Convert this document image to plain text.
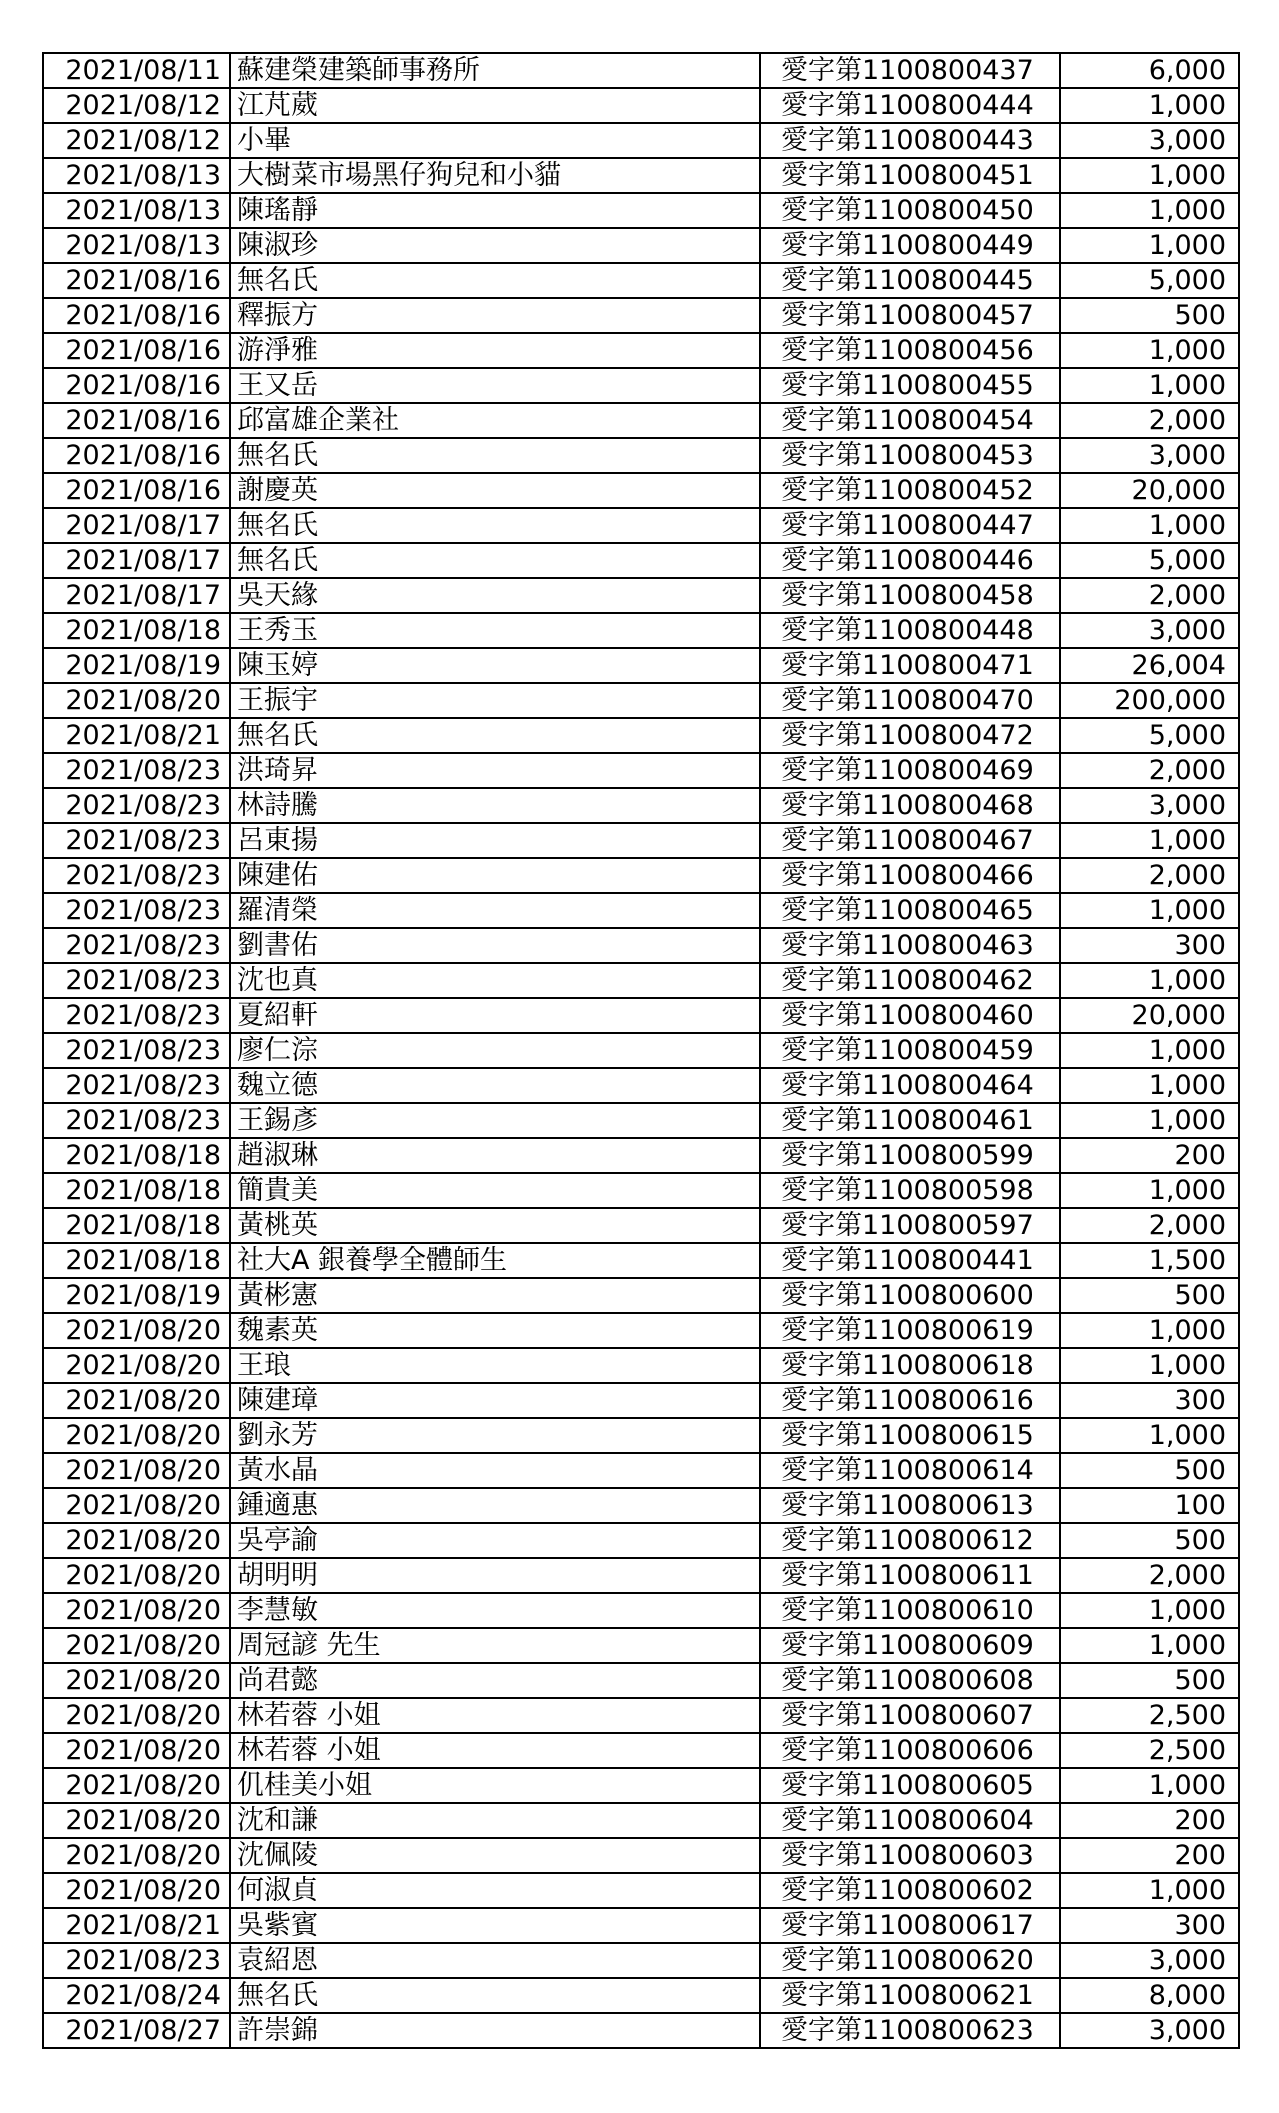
2021/08/11	蘇建榮建築師事務所	愛字第1100800437	6,000
2021/08/12	江芃葳	愛字第1100800444	1,000
2021/08/12	小畢	愛字第1100800443	3,000
2021/08/13	大樹菜市場黑仔狗兒和小貓	愛字第1100800451	1,000
2021/08/13	陳瑤靜	愛字第1100800450	1,000
2021/08/13	陳淑珍	愛字第1100800449	1,000
2021/08/16	無名氏	愛字第1100800445	5,000
2021/08/16	釋振方	愛字第1100800457	500
2021/08/16	游淨雅	愛字第1100800456	1,000
2021/08/16	王又岳	愛字第1100800455	1,000
2021/08/16	邱富雄企業社	愛字第1100800454	2,000
2021/08/16	無名氏	愛字第1100800453	3,000
2021/08/16	謝慶英	愛字第1100800452	20,000
2021/08/17	無名氏	愛字第1100800447	1,000
2021/08/17	無名氏	愛字第1100800446	5,000
2021/08/17	吳天緣	愛字第1100800458	2,000
2021/08/18	王秀玉	愛字第1100800448	3,000
2021/08/19	陳玉婷	愛字第1100800471	26,004
2021/08/20	王振宇	愛字第1100800470	200,000
2021/08/21	無名氏	愛字第1100800472	5,000
2021/08/23	洪琦昇	愛字第1100800469	2,000
2021/08/23	林詩騰	愛字第1100800468	3,000
2021/08/23	呂東揚	愛字第1100800467	1,000
2021/08/23	陳建佑	愛字第1100800466	2,000
2021/08/23	羅清榮	愛字第1100800465	1,000
2021/08/23	劉書佑	愛字第1100800463	300
2021/08/23	沈也真	愛字第1100800462	1,000
2021/08/23	夏紹軒	愛字第1100800460	20,000
2021/08/23	廖仁淙	愛字第1100800459	1,000
2021/08/23	魏立德	愛字第1100800464	1,000
2021/08/23	王錫彥	愛字第1100800461	1,000
2021/08/18	趙淑琳	愛字第1100800599	200
2021/08/18	簡貴美	愛字第1100800598	1,000
2021/08/18	黃桃英	愛字第1100800597	2,000
2021/08/18	社大A 銀養學全體師生	愛字第1100800441	1,500
2021/08/19	黃彬憲	愛字第1100800600	500
2021/08/20	魏素英	愛字第1100800619	1,000
2021/08/20	王琅	愛字第1100800618	1,000
2021/08/20	陳建璋	愛字第1100800616	300
2021/08/20	劉永芳	愛字第1100800615	1,000
2021/08/20	黃水晶	愛字第1100800614	500
2021/08/20	鍾適惠	愛字第1100800613	100
2021/08/20	吳亭諭	愛字第1100800612	500
2021/08/20	胡明明	愛字第1100800611	2,000
2021/08/20	李慧敏	愛字第1100800610	1,000
2021/08/20	周冠諺 先生	愛字第1100800609	1,000
2021/08/20	尚君懿	愛字第1100800608	500
2021/08/20	林若蓉 小姐	愛字第1100800607	2,500
2021/08/20	林若蓉 小姐	愛字第1100800606	2,500
2021/08/20	仉桂美小姐	愛字第1100800605	1,000
2021/08/20	沈和謙	愛字第1100800604	200
2021/08/20	沈佩陵	愛字第1100800603	200
2021/08/20	何淑貞	愛字第1100800602	1,000
2021/08/21	吳紫賓	愛字第1100800617	300
2021/08/23	袁紹恩	愛字第1100800620	3,000
2021/08/24	無名氏	愛字第1100800621	8,000
2021/08/27	許崇錦	愛字第1100800623	3,000
